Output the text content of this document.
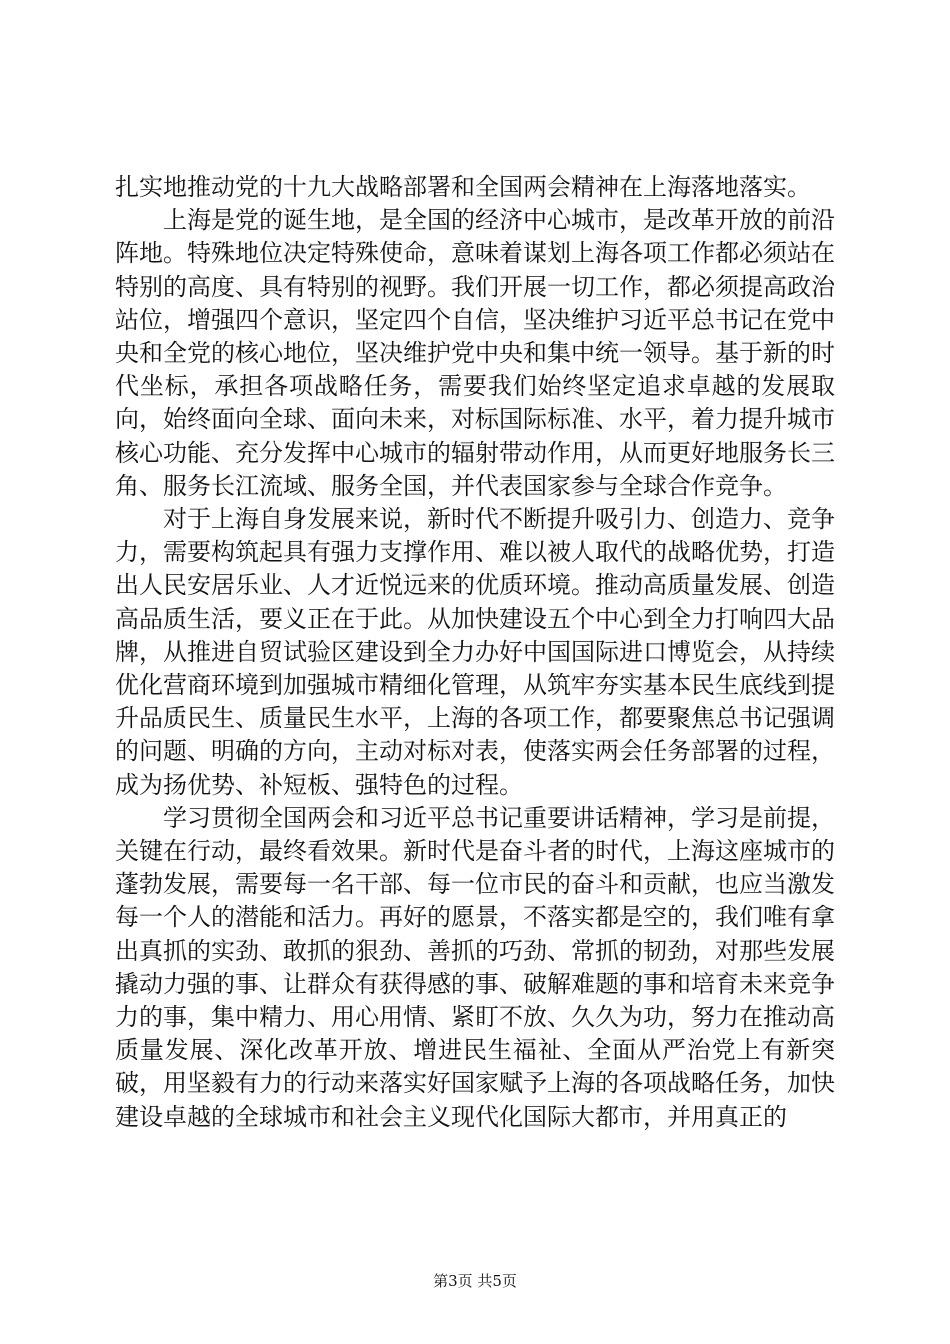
扎实地推动党的十九大战略部署和全国两会精神在上海落地落实。

上海是党的诞生地，是全国的经济中心城市，是改革开放的前沿阵地。特殊地位决定特殊使命，意味着谋划上海各项工作都必须站在特别的高度、具有特别的视野。我们开展一切工作，都必须提高政治站位，增强四个意识，坚定四个自信，坚决维护习近平总书记在党中央和全党的核心地位，坚决维护党中央和集中统一领导。基于新的时代坐标，承担各项战略任务，需要我们始终坚定追求卓越的发展取向，始终面向全球、面向未来，对标国际标准、水平，着力提升城市核心功能、充分发挥中心城市的辐射带动作用，从而更好地服务长三角、服务长江流域、服务全国，并代表国家参与全球合作竞争。

对于上海自身发展来说，新时代不断提升吸引力、创造力、竞争力，需要构筑起具有强力支撑作用、难以被人取代的战略优势，打造出人民安居乐业、人才近悦远来的优质环境。推动高质量发展、创造高品质生活，要义正在于此。从加快建设五个中心到全力打响四大品牌，从推进自贸试验区建设到全力办好中国国际进口博览会，从持续优化营商环境到加强城市精细化管理，从筑牢夯实基本民生底线到提升品质民生、质量民生水平，上海的各项工作，都要聚焦总书记强调的问题、明确的方向，主动对标对表，使落实两会任务部署的过程，成为扬优势、补短板、强特色的过程。

学习贯彻全国两会和习近平总书记重要讲话精神，学习是前提，关键在行动，最终看效果。新时代是奋斗者的时代，上海这座城市的蓬勃发展，需要每一名干部、每一位市民的奋斗和贡献，也应当激发每一个人的潜能和活力。再好的愿景，不落实都是空的，我们唯有拿出真抓的实劲、敢抓的狠劲、善抓的巧劲、常抓的韧劲，对那些发展撬动力强的事、让群众有获得感的事、破解难题的事和培育未来竞争力的事，集中精力、用心用情、紧盯不放、久久为功，努力在推动高质量发展、深化改革开放、增进民生福祉、全面从严治党上有新突破，用坚毅有力的行动来落实好国家赋予上海的各项战略任务，加快建设卓越的全球城市和社会主义现代化国际大都市，并用真正的

第3页 共5页
